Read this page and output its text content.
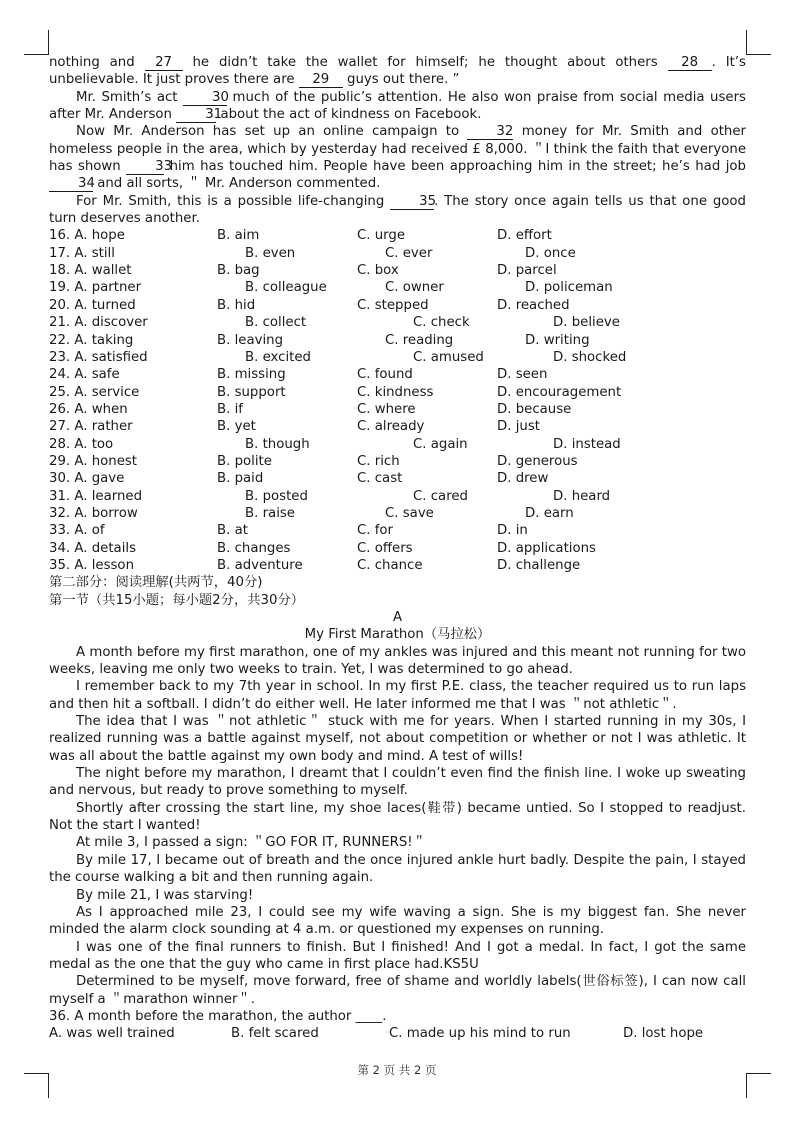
nothing and 27 he didn’t take the wallet for himself; he thought about others 28 . It’s unbelievable. It just proves there are 29 guys out there. ”

Mr. Smith’s act	30 much of the public’s attention. He also won praise from social media users after Mr. Anderson 31 about the act of kindness on Facebook.

Now Mr. Anderson has set up an online campaign to	32 money for Mr. Smith and other homeless people in the area, which by yesterday had received £ 8,000. ＂I think the faith that everyone has shown	33 him has touched him. People have been approaching him in the street; he’s had job 34 and all sorts, ＂ Mr. Anderson commented.

For Mr. Smith, this is a possible life-changing	35. The story once again tells us that one good turn deserves another.

16. A. hope	B. aim	C. urge	D. effort
17. A. still	B. even	C. ever	D. once
18. A. wallet	B. bag	C. box	D. parcel
19. A. partner	B. colleague	C. owner	D. policeman
20. A. turned	B. hid	C. stepped	D. reached
21. A. discover	B. collect	C. check	D. believe
22. A. taking	B. leaving	C. reading	D. writing
23. A. satisfied	B. excited	C. amused	D. shocked
24. A. safe	B. missing	C. found	D. seen
25. A. service	B. support	C. kindness	D. encouragement
26. A. when	B. if	C. where	D. because
27. A. rather	B. yet	C. already	D. just
28. A. too	B. though	C. again	D. instead
29. A. honest	B. polite	C. rich	D. generous
30. A. gave	B. paid	C. cast	D. drew
31. A. learned	B. posted	C. cared	D. heard
32. A. borrow	B. raise	C. save	D. earn
33. A. of	B. at	C. for	D. in
34. A. details	B. changes	C. offers	D. applications
35. A. lesson	B. adventure	C. chance	D. challenge

第二部分：阅读理解(共两节，40分)

第一节（共15小题；每小题2分，共30分）

A

My First Marathon（马拉松）

A month before my first marathon, one of my ankles was injured and this meant not running for two weeks, leaving me only two weeks to train. Yet, I was determined to go ahead.

I remember back to my 7th year in school. In my first P.E. class, the teacher required us to run laps and then hit a softball. I didn’t do either well. He later informed me that I was ＂not athletic＂.

The idea that I was ＂not athletic＂ stuck with me for years. When I started running in my 30s, I realized running was a battle against myself, not about competition or whether or not I was athletic. It was all about the battle against my own body and mind. A test of wills!

The night before my marathon, I dreamt that I couldn’t even find the finish line. I woke up sweating and nervous, but ready to prove something to myself.

Shortly after crossing the start line, my shoe laces(鞋带) became untied. So I stopped to readjust. Not the start I wanted!

At mile 3, I passed a sign: ＂GO FOR IT, RUNNERS!＂

By mile 17, I became out of breath and the once injured ankle hurt badly. Despite the pain, I stayed the course walking a bit and then running again.

By mile 21, I was starving!

As I approached mile 23, I could see my wife waving a sign. She is my biggest fan. She never minded the alarm clock sounding at 4 a.m. or questioned my expenses on running.

I was one of the final runners to finish. But I finished! And I got a medal. In fact, I got the same medal as the one that the guy who came in first place had.KS5U

Determined to be myself, move forward, free of shame and worldly labels(世俗标签), I can now call myself a ＂marathon winner＂.

36. A month before the marathon, the author ____.

A. was well trained	B. felt scared	C. made up his mind to run	D. lost hope
第 2 页 共 2 页
